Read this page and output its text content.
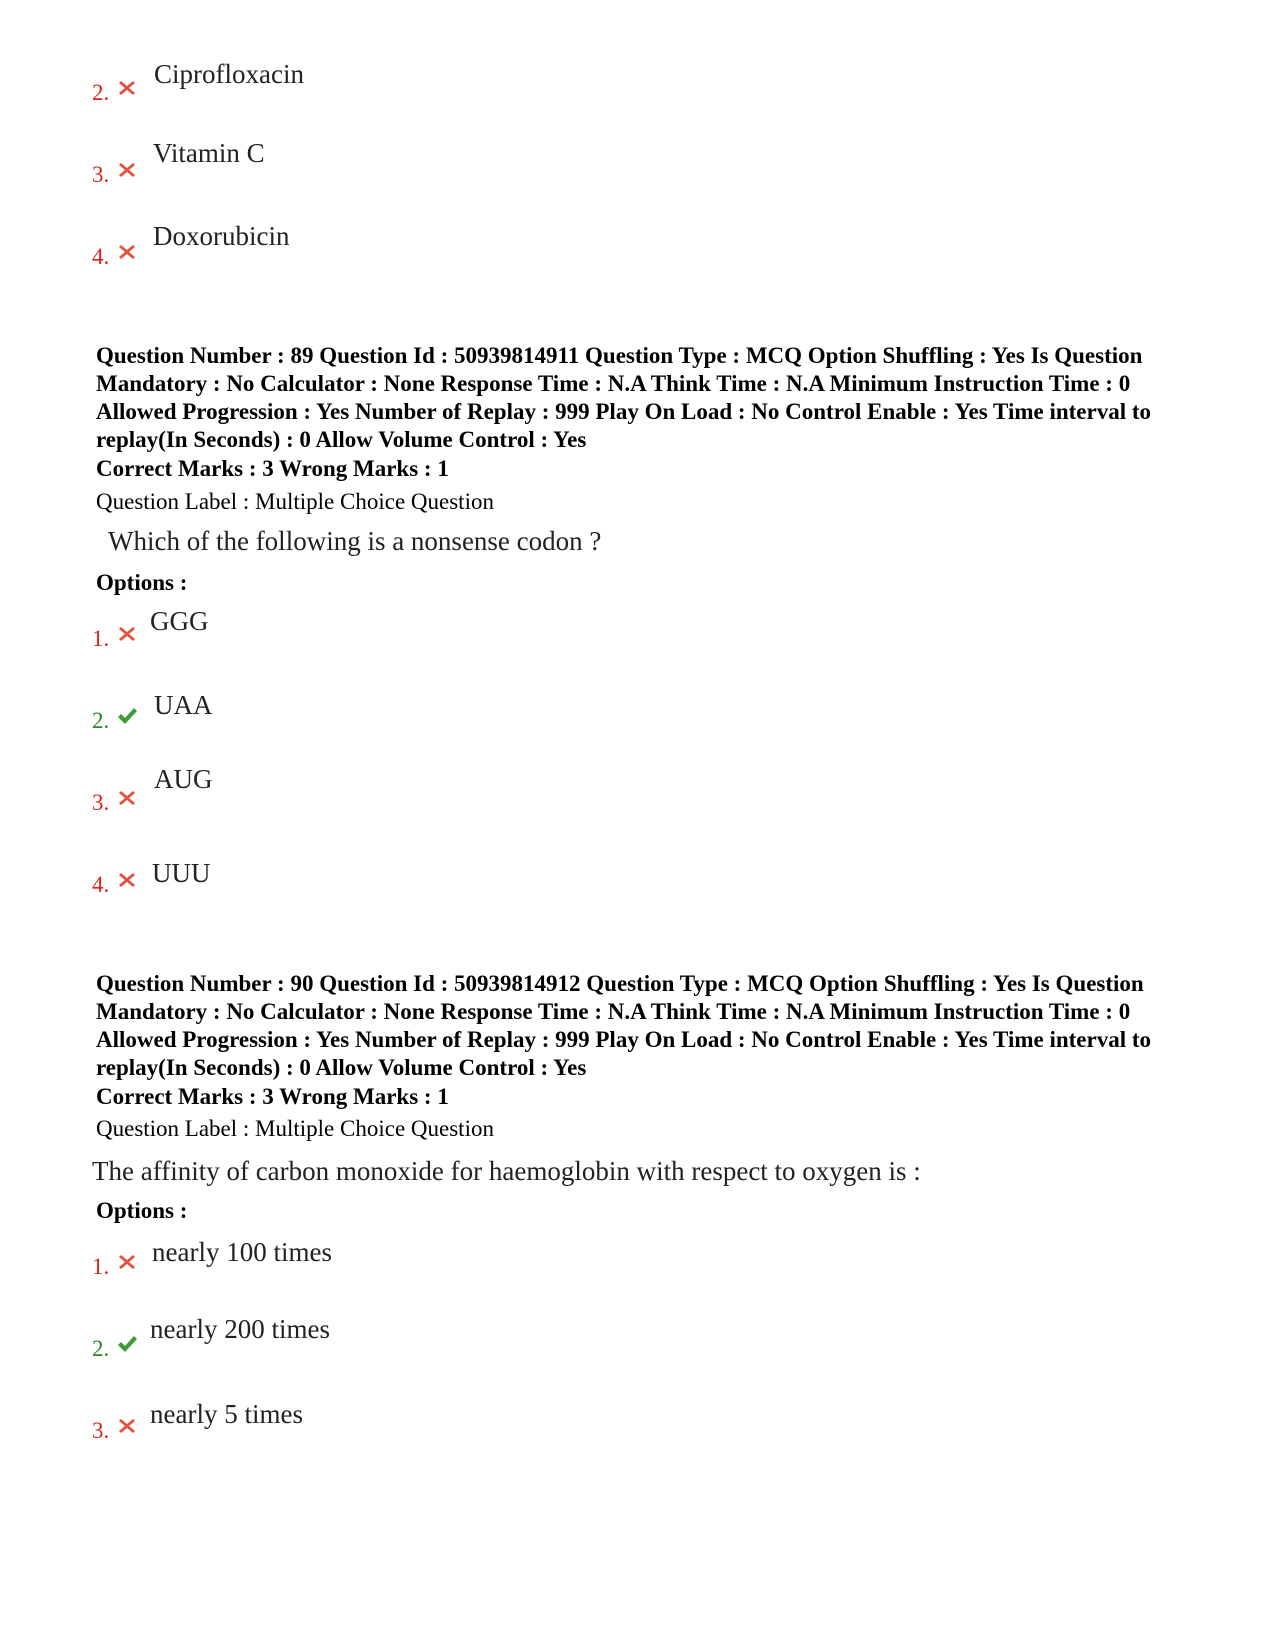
2.
Ciprofloxacin
3.
Vitamin C
4.
Doxorubicin
Question Number : 89 Question Id : 50939814911 Question Type : MCQ Option Shuffling : Yes Is Question Mandatory : No Calculator : None Response Time : N.A Think Time : N.A Minimum Instruction Time : 0 Allowed Progression : Yes Number of Replay : 999 Play On Load : No Control Enable : Yes Time interval to replay(In Seconds) : 0 Allow Volume Control : Yes
Correct Marks : 3 Wrong Marks : 1
Question Label : Multiple Choice Question
Which of the following is a nonsense codon ?
Options :
1.
GGG
2.
UAA
3.
AUG
4. UUU
Question Number : 90 Question Id : 50939814912 Question Type : MCQ Option Shuffling : Yes Is Question Mandatory : No Calculator : None Response Time : N.A Think Time : N.A Minimum Instruction Time : 0 Allowed Progression : Yes Number of Replay : 999 Play On Load : No Control Enable : Yes Time interval to replay(In Seconds) : 0 Allow Volume Control : Yes
Correct Marks : 3 Wrong Marks : 1
Question Label : Multiple Choice Question
The affinity of carbon monoxide for haemoglobin with respect to oxygen is :
Options :
1. nearly 100 times
2.
nearly 200 times
3.
nearly 5 times
